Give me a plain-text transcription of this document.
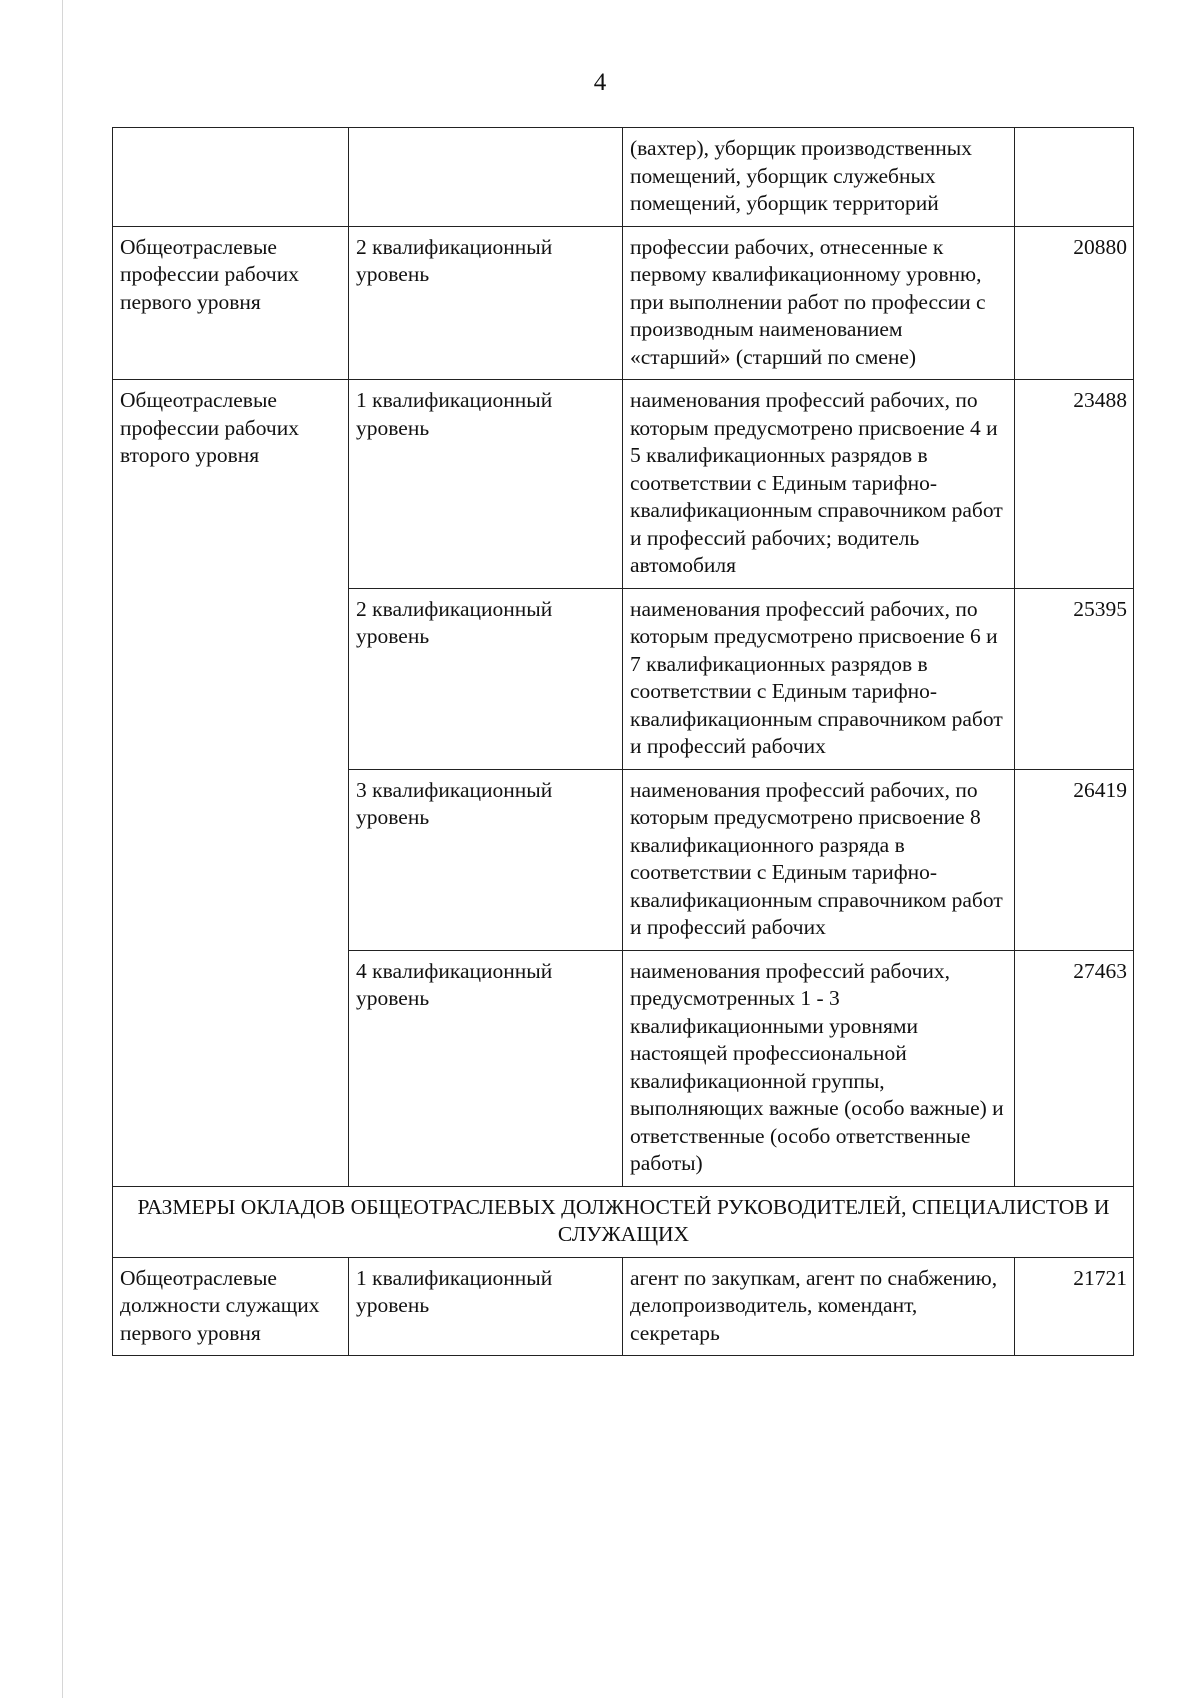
4
		(вахтер), уборщик производственных помещений, уборщик служебных помещений, уборщик территорий	
Общеотраслевые профессии рабочих первого уровня	2 квалификационный уровень	профессии рабочих, отнесенные к первому квалификационному уровню, при выполнении работ по профессии с производным наименованием «старший» (старший по смене)	20880
Общеотраслевые профессии рабочих второго уровня	1 квалификационный уровень	наименования профессий рабочих, по которым предусмотрено присвоение 4 и 5 квалификационных разрядов в соответствии с Единым тарифно-квалификационным справочником работ и профессий рабочих; водитель автомобиля	23488
	2 квалификационный уровень	наименования профессий рабочих, по которым предусмотрено присвоение 6 и 7 квалификационных разрядов в соответствии с Единым тарифно-квалификационным справочником работ и профессий рабочих	25395
	3 квалификационный уровень	наименования профессий рабочих, по которым предусмотрено присвоение 8 квалификационного разряда в соответствии с Единым тарифно-квалификационным справочником работ и профессий рабочих	26419
	4 квалификационный уровень	наименования профессий рабочих, предусмотренных 1 - 3 квалификационными уровнями настоящей профессиональной квалификационной группы, выполняющих важные (особо важные) и ответственные (особо ответственные работы)	27463
РАЗМЕРЫ ОКЛАДОВ ОБЩЕОТРАСЛЕВЫХ ДОЛЖНОСТЕЙ РУКОВОДИТЕЛЕЙ, СПЕЦИАЛИСТОВ И СЛУЖАЩИХ			
Общеотраслевые должности служащих первого уровня	1 квалификационный уровень	агент по закупкам, агент по снабжению, делопроизводитель, комендант, секретарь	21721
